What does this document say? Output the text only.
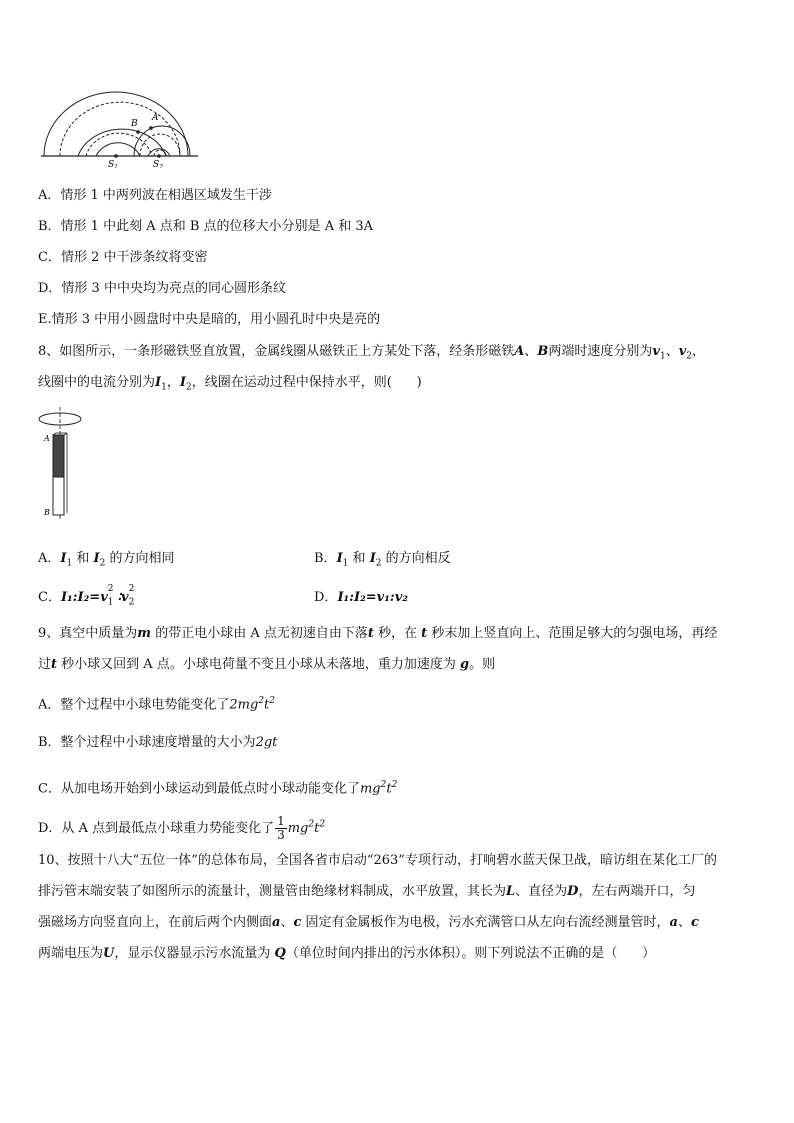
A
B
$S_1$	$S_2$
A．情形 1 中两列波在相遇区域发生干涉
B．情形 1 中此刻 A 点和 B 点的位移大小分别是 A 和 3A
C．情形 2 中干涉条纹将变密
D．情形 3 中中央均为亮点的同心圆形条纹
E.情形 3 中用小圆盘时中央是暗的，用小圆孔时中央是亮的
8、如图所示，一条形磁铁竖直放置，金属线圈从磁铁正上方某处下落，经条形磁铁A、B两端时速度分别为$v_1$、$v_2$，
线圈中的电流分别为$I_1$，$I_2$，线圈在运动过程中保持水平，则( )
A
B
A．$I_1$ 和 $I_2$ 的方向相同	B．$I_1$ 和 $I_2$ 的方向相反
C．$I_1:I_2=v_1$
2
$∶v_2$
2
D．I₁:I₂=v₁:v₂
9、真空中质量为m 的带正电小球由 A 点无初速自由下落t 秒，在 t 秒末加上竖直向上、范围足够大的匀强电场，再经
过t 秒小球又回到 A 点。小球电荷量不变且小球从未落地，重力加速度为 g。则
A．整个过程中小球电势能变化了$2mg^2t^2$
B．整个过程中小球速度增量的大小为2gt
C．从加电场开始到小球运动到最低点时小球动能变化了$mg^2t^2$
D．从 A 点到最低点小球重力势能变化了 $\frac{1}{3} mg^2t^2$
10、按照十八大“五位一体”的总体布局，全国各省市启动“263”专项行动，打响碧水蓝天保卫战，暗访组在某化工厂的
排污管末端安装了如图所示的流量计，测量管由绝缘材料制成，水平放置，其长为L、直径为D，左右两端开口，匀
强磁场方向竖直向上，在前后两个内侧面a、c 固定有金属板作为电极，污水充满管口从左向右流经测量管时，a、c
两端电压为U，显示仪器显示污水流量为 Q（单位时间内排出的污水体积）。则下列说法不正确的是（ ）
